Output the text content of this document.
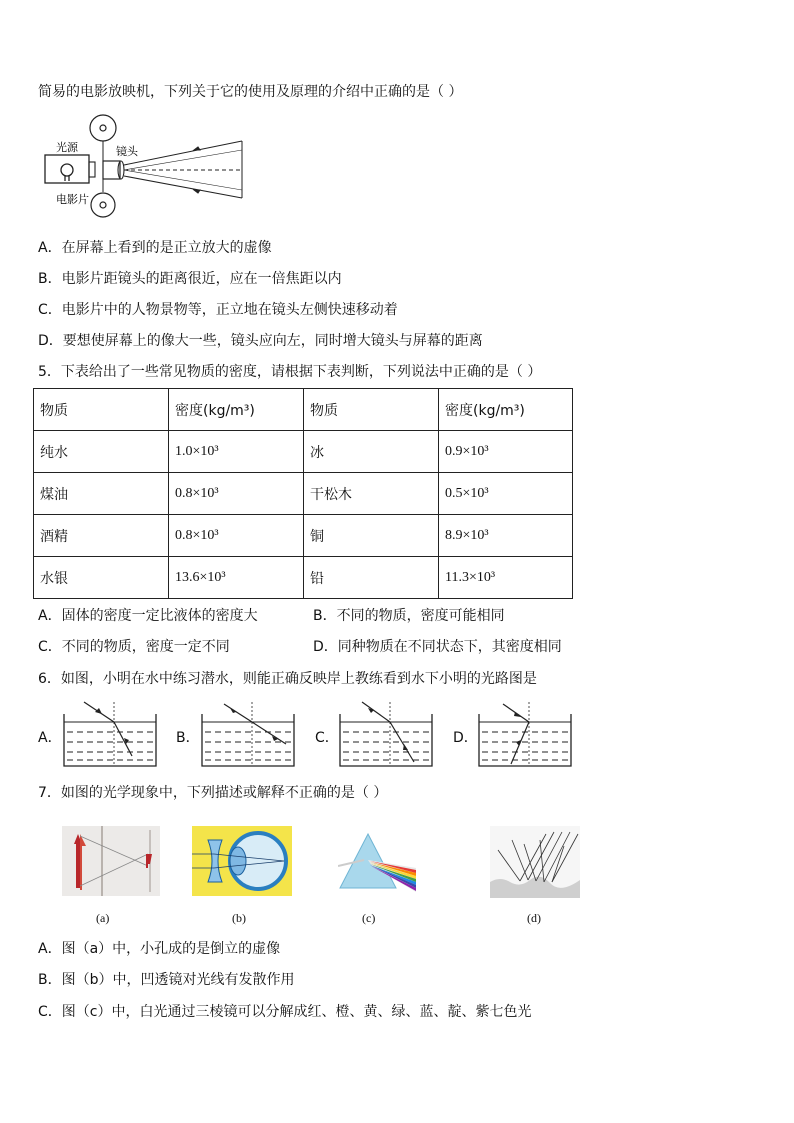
简易的电影放映机，下列关于它的使用及原理的介绍中正确的是（ ）
光源	镜头
电影片
A．在屏幕上看到的是正立放大的虚像
B．电影片距镜头的距离很近，应在一倍焦距以内
C．电影片中的人物景物等，正立地在镜头左侧快速移动着
D．要想使屏幕上的像大一些，镜头应向左，同时增大镜头与屏幕的距离
5．下表给出了一些常见物质的密度，请根据下表判断，下列说法中正确的是（ ）
物质	密度(kg/m³)	物质	密度(kg/m³)
纯水	1.0×10³	冰	0.9×10³
煤油	0.8×10³	干松木	0.5×10³
酒精	0.8×10³	铜	8.9×10³
水银	13.6×10³	铅	11.3×10³
A．固体的密度一定比液体的密度大	B．不同的物质，密度可能相同
C．不同的物质，密度一定不同	D．同种物质在不同状态下，其密度相同
6．如图，小明在水中练习潜水，则能正确反映岸上教练看到水下小明的光路图是
A．	B．	C．	D．
7．如图的光学现象中，下列描述或解释不正确的是（ ）
(a)	(b)	(c)	(d)
A．图（a）中，小孔成的是倒立的虚像
B．图（b）中，凹透镜对光线有发散作用
C．图（c）中，白光通过三棱镜可以分解成红、橙、黄、绿、蓝、靛、紫七色光
